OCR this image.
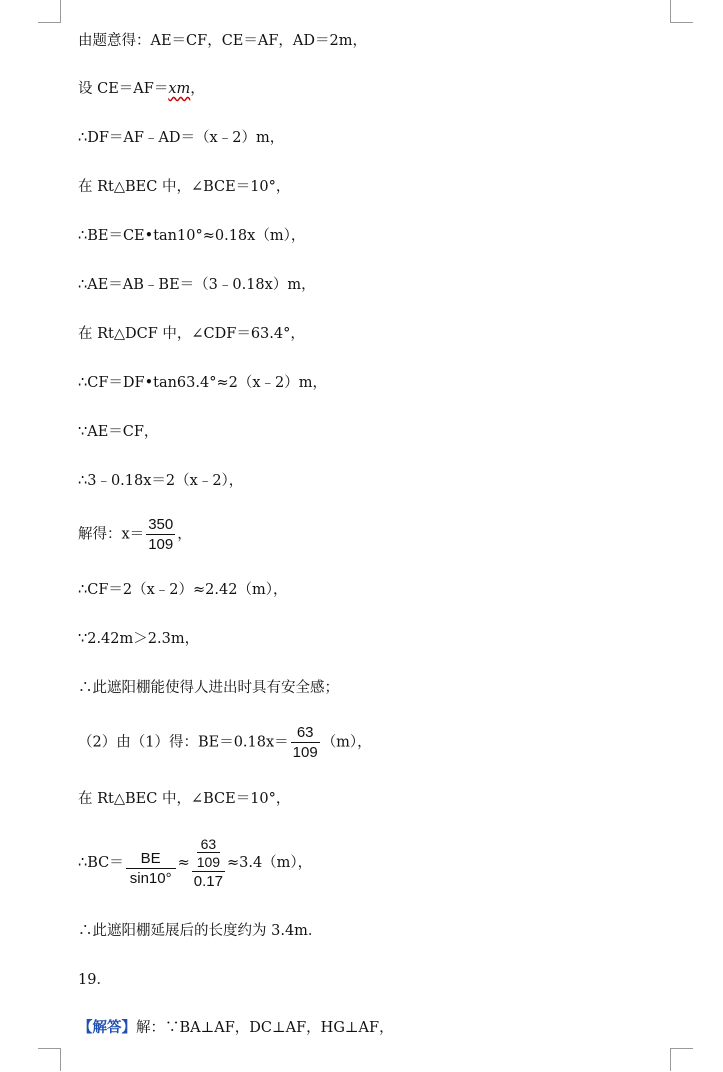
由题意得：AE＝CF，CE＝AF，AD＝2m，
设 CE＝AF＝xm，
∴DF＝AF﹣AD＝（x﹣2）m，
在 Rt△BEC 中，∠BCE＝10°，
∴BE＝CE•tan10°≈0.18x（m），
∴AE＝AB﹣BE＝（3﹣0.18x）m，
在 Rt△DCF 中，∠CDF＝63.4°，
∴CF＝DF•tan63.4°≈2（x﹣2）m，
∵AE＝CF，
∴3﹣0.18x＝2（x﹣2），
解得：$x= \frac{350}{109}$ ，
∴CF＝2（x﹣2）≈2.42（m），
∵2.42m＞2.3m，
∴此遮阳棚能使得人进出时具有安全感；
（2）由（1）得：$BE=0.18x= \frac{63}{109} (m)$，
在 Rt△BEC 中，∠BCE＝10°，
∴BC＝ $\frac{BE}{\sin 10^\circ} \approx \frac{\frac{63}{109}}{0.17} \approx 3.4(m)$，
∴此遮阳棚延展后的长度约为 3.4m．
19．
【解答】解：∵BA⊥AF，DC⊥AF，HG⊥AF，
